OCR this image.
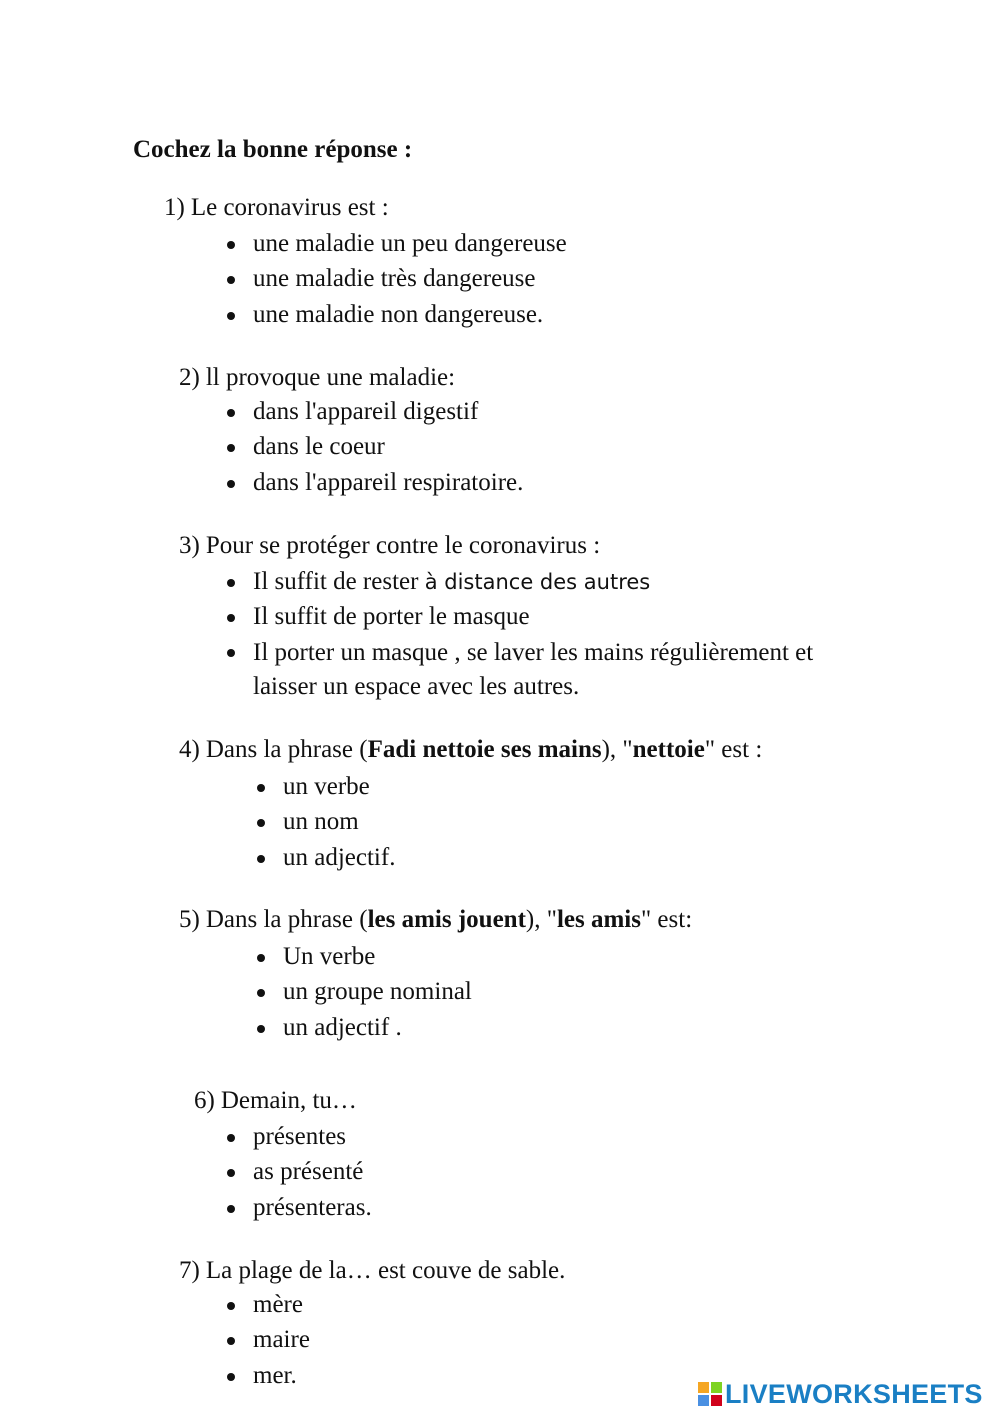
Cochez la bonne réponse :

1) Le coronavirus est :

une maladie un peu dangereuse
une maladie très dangereuse
une maladie non dangereuse.

2) ll provoque une maladie:

dans l'appareil digestif
dans le coeur
dans l'appareil respiratoire.

3) Pour se protéger contre le coronavirus :

Il suffit de rester à distance des autres
Il suffit de porter le masque
Il porter un masque , se laver les mains régulièrement et laisser un espace avec les autres.

4) Dans la phrase (Fadi nettoie ses mains), "nettoie" est :

un verbe
un nom
un adjectif.

5) Dans la phrase (les amis jouent), "les amis" est:

Un verbe
un groupe nominal
un adjectif .

6) Demain, tu…

présentes
as présenté
présenteras.

7) La plage de la… est couve de sable.

mère
maire
mer.
LIVEWORKSHEETS
